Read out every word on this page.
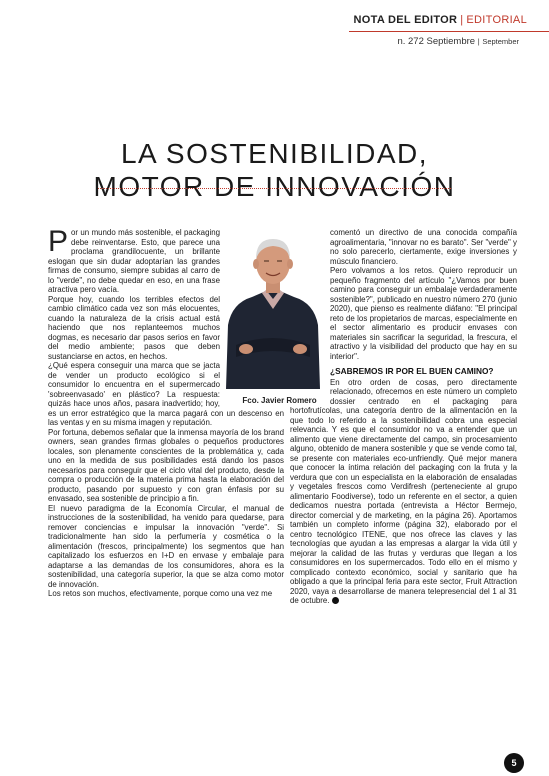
NOTA DEL EDITOR | EDITORIAL
n. 272 Septiembre | September
LA SOSTENIBILIDAD,
MOTOR DE INNOVACIÓN

Por un mundo más sostenible, el packaging debe reinventarse. Esto, que parece una proclama grandilocuente, un brillante eslogan que sin dudar adoptarían las grandes firmas de consumo, siempre subidas al carro de lo "verde", no debe quedar en eso, en una frase atractiva pero vacía.

Porque hoy, cuando los terribles efectos del cambio climático cada vez son más elocuentes, cuando la naturaleza de la crisis actual está haciendo que nos replanteemos muchos dogmas, es necesario dar pasos serios en favor del medio ambiente; pasos que deben sustanciarse en actos, en hechos.

¿Qué espera conseguir una marca que se jacta de vender un producto ecológico si el consumidor lo encuentra en el supermercado 'sobreenvasado' en plástico? La respuesta: quizás hace unos años, pasara inadvertido; hoy, es un error estratégico que la marca pagará con un descenso en las ventas y en su misma imagen y reputación.

Por fortuna, debemos señalar que la inmensa mayoría de los brand owners, sean grandes firmas globales o pequeños productores locales, son plenamente conscientes de la problemática y, cada uno en la medida de sus posibilidades está dando los pasos necesarios para conseguir que el ciclo vital del producto, desde la compra o producción de la materia prima hasta la elaboración del producto, pasando por supuesto y con gran énfasis por su envasado, sea sostenible de principio a fin.

El nuevo paradigma de la Economía Circular, el manual de instrucciones de la sostenibilidad, ha venido para quedarse, para remover conciencias e impulsar la innovación "verde". Si tradicionalmente han sido la perfumería y cosmética o la alimentación (frescos, principalmente) los segmentos que han capitalizado los esfuerzos en I+D en envase y embalaje para adaptarse a las demandas de los consumidores, ahora es la sostenibilidad, una categoría superior, la que se alza como motor de innovación.

Los retos son muchos, efectivamente, porque como una vez me

comentó un directivo de una conocida compañía agroalimentaria, "innovar no es barato". Ser "verde" y no solo parecerlo, ciertamente, exige inversiones y músculo financiero.

Pero volvamos a los retos. Quiero reproducir un pequeño fragmento del artículo "¿Vamos por buen camino para conseguir un embalaje verdaderamente sostenible?", publicado en nuestro número 270 (junio 2020), que pienso es realmente diáfano: "El principal reto de los propietarios de marcas, especialmente en el sector alimentario es producir envases con materiales sin sacrificar la seguridad, la frescura, el atractivo y la visibilidad del producto que hay en su interior".

¿SABREMOS IR POR EL BUEN CAMINO?

En otro orden de cosas, pero directamente relacionado, ofrecemos en este número un completo dossier centrado en el packaging para hortofrutícolas, una categoría dentro de la alimentación en la que todo lo referido a la sostenibilidad cobra una especial relevancia. Y es que el consumidor no va a entender que un alimento que viene directamente del campo, sin procesamiento alguno, obtenido de manera sostenible y que se vende como tal, se presente con materiales eco-unfriendly. Qué mejor manera que conocer la íntima relación del packaging con la fruta y la verdura que con un especialista en la elaboración de ensaladas y vegetales frescos como Verdifresh (perteneciente al grupo alimentario Foodiverse), todo un referente en el sector, a quien dedicamos nuestra portada (entrevista a Héctor Bermejo, director comercial y de marketing, en la página 26). Aportamos también un completo informe (página 32), elaborado por el centro tecnológico ITENE, que nos ofrece las claves y las tecnologías que ayudan a las empresas a alargar la vida útil y mejorar la calidad de las frutas y verduras que llegan a los consumidores en los supermercados. Todo ello en el mismo y complicado contexto económico, social y sanitario que ha obligado a que la principal feria para este sector, Fruit Attraction 2020, vaya a desarrollarse de manera telepresencial del 1 al 31 de octubre.

Fco. Javier Romero
5
